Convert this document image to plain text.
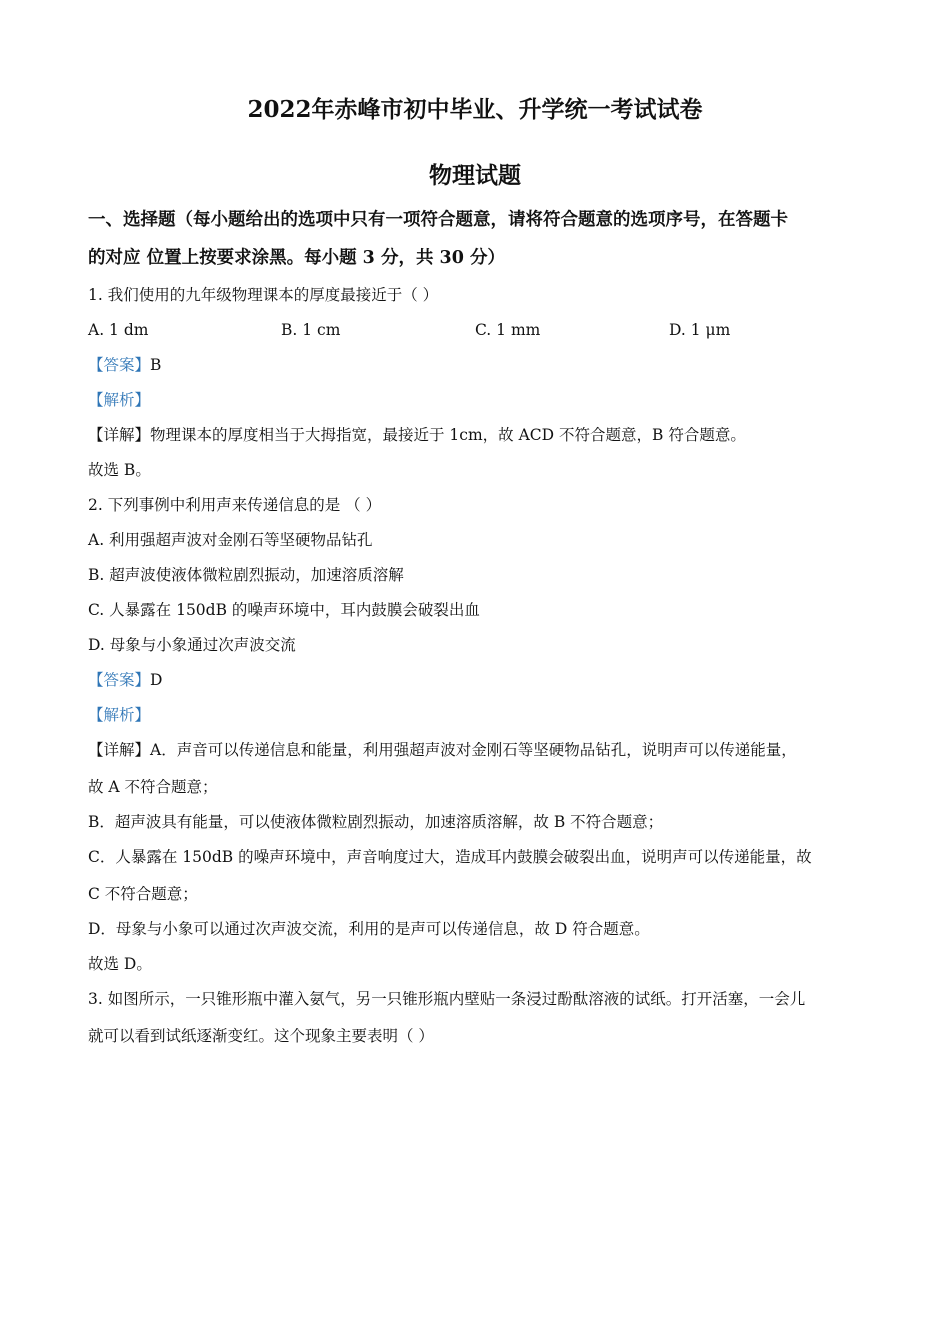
2022年赤峰市初中毕业、升学统一考试试卷
物理试题
一、选择题（每小题给出的选项中只有一项符合题意，请将符合题意的选项序号，在答题卡
的对应 位置上按要求涂黑。每小题 3 分，共 30 分）
1. 我们使用的九年级物理课本的厚度最接近于（ ）
A. 1 dm	B. 1 cm	C. 1 mm	D. 1 μm
【答案】B
【解析】
【详解】物理课本的厚度相当于大拇指宽，最接近于 1cm，故 ACD 不符合题意，B 符合题意。
故选 B。
2. 下列事例中利用声来传递信息的是 （ ）
A. 利用强超声波对金刚石等坚硬物品钻孔
B. 超声波使液体微粒剧烈振动，加速溶质溶解
C. 人暴露在 150dB 的噪声环境中，耳内鼓膜会破裂出血
D. 母象与小象通过次声波交流
【答案】D
【解析】
【详解】A．声音可以传递信息和能量，利用强超声波对金刚石等坚硬物品钻孔，说明声可以传递能量，
故 A 不符合题意；
B．超声波具有能量，可以使液体微粒剧烈振动，加速溶质溶解，故 B 不符合题意；
C．人暴露在 150dB 的噪声环境中，声音响度过大，造成耳内鼓膜会破裂出血，说明声可以传递能量，故
C 不符合题意；
D．母象与小象可以通过次声波交流，利用的是声可以传递信息，故 D 符合题意。
故选 D。
3. 如图所示，一只锥形瓶中灌入氨气，另一只锥形瓶内壁贴一条浸过酚酞溶液的试纸。打开活塞，一会儿
就可以看到试纸逐渐变红。这个现象主要表明（ ）
